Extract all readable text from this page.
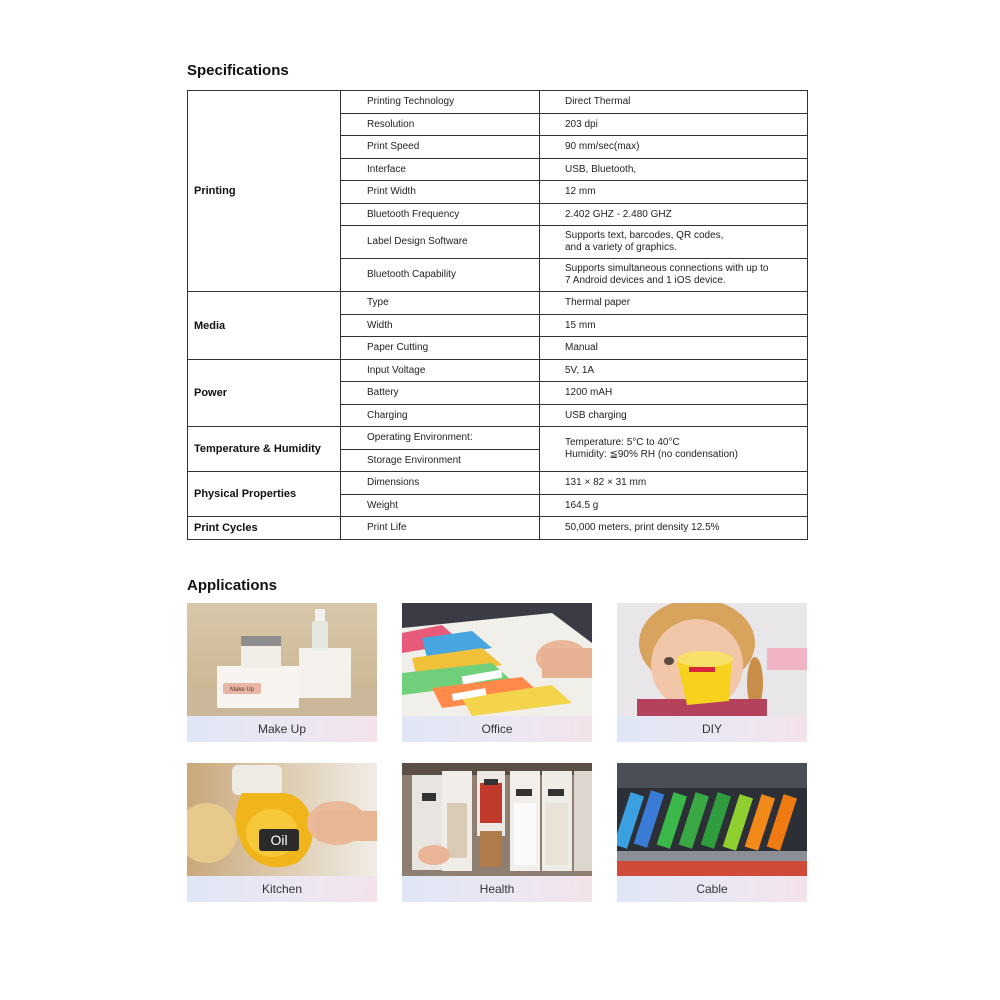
Specifications
Printing	Printing Technology	Direct Thermal
	Resolution	203 dpi
	Print Speed	90 mm/sec(max)
	Interface	USB, Bluetooth,
	Print Width	12 mm
	Bluetooth Frequency	2.402 GHZ - 2.480 GHZ
	Label Design Software	Supports text, barcodes, QR codes,
and a variety of graphics.

	Bluetooth Capability	Supports simultaneous connections with up to
7 Android devices and 1 iOS device.

Media	Type	Thermal paper
	Width	15 mm
	Paper Cutting	Manual
Power	Input Voltage	5V, 1A
	Battery	1200 mAH
	Charging	USB charging
Temperature & Humidity	Operating Environment:	Temperature: 5°C to 40°C
Humidity: ≦90% RH (no condensation)

	Storage Environment	
Physical Properties	Dimensions	131 × 82 × 31 mm
	Weight	164.5 g
Print Cycles	Print Life	50,000 meters, print density 12.5%
Applications
Make Up
Make Up	Office	DIY
Oil
Kitchen	Health	Cable
